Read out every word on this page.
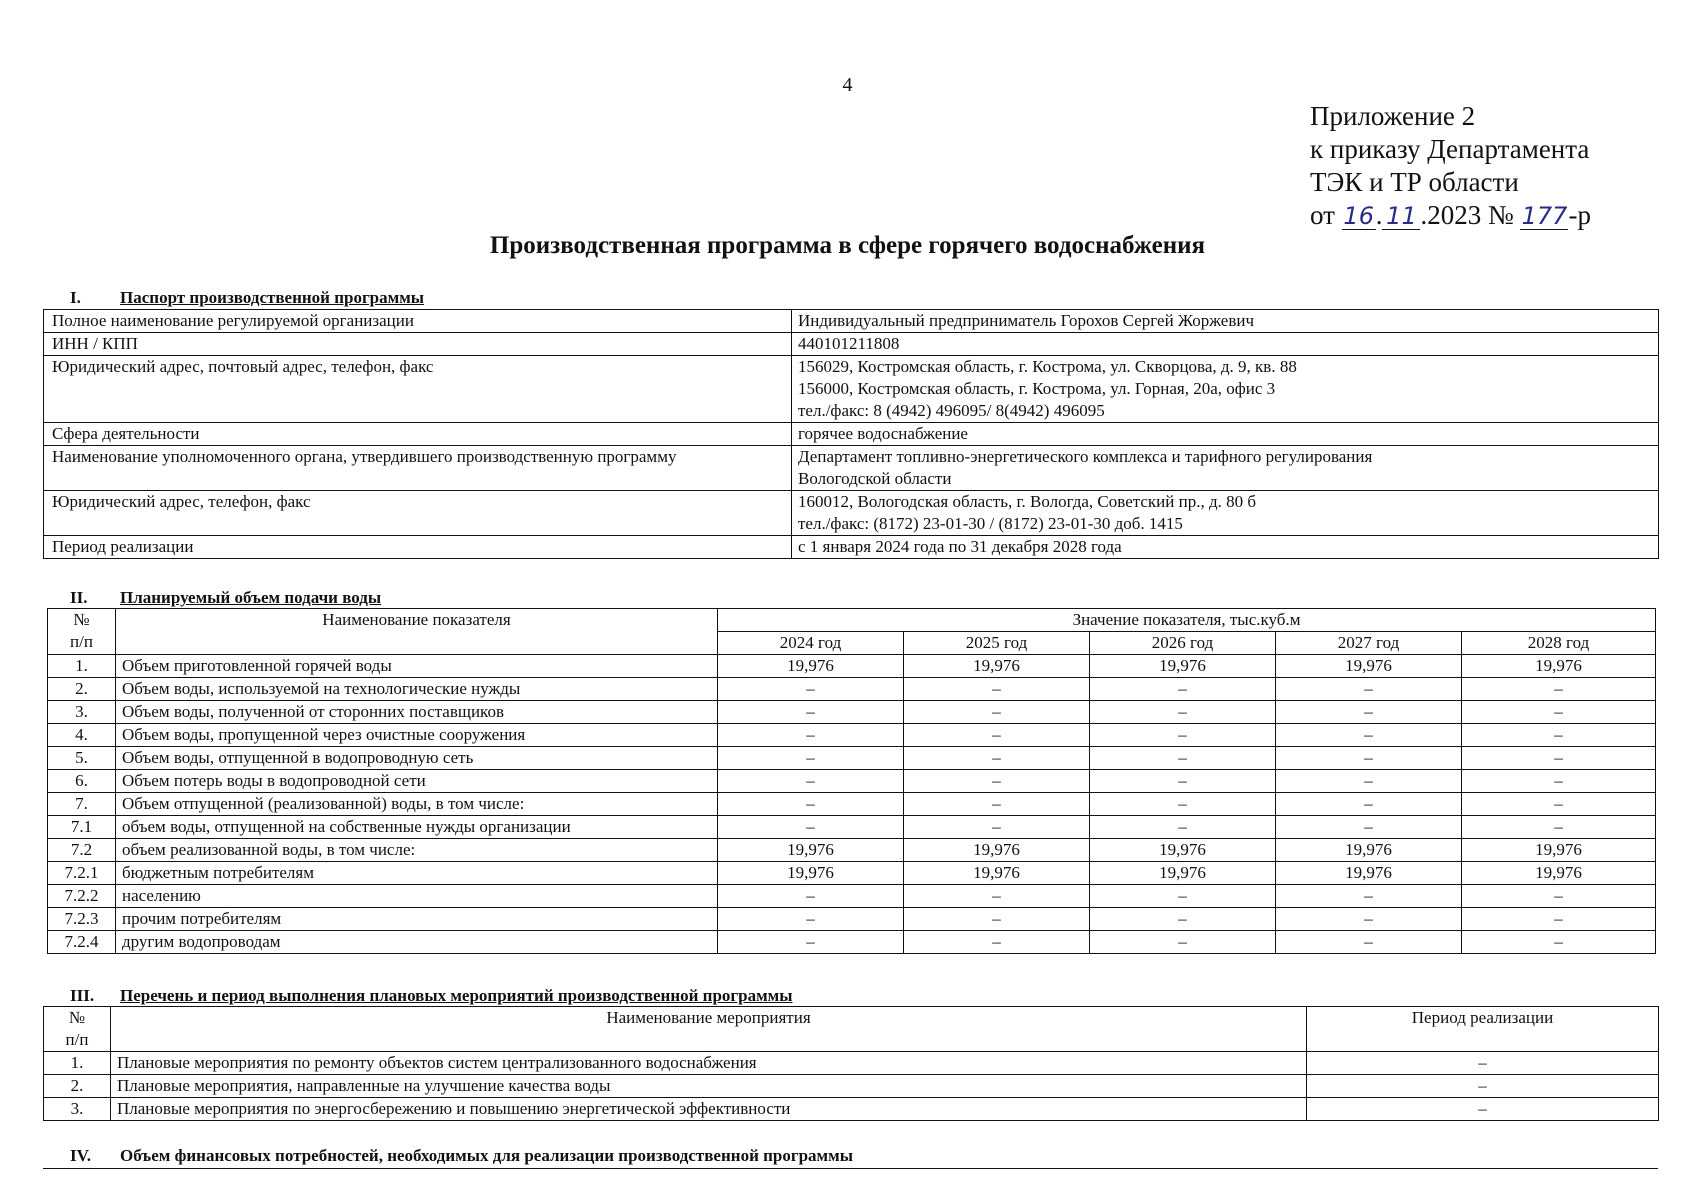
4
Приложение 2
к приказу Департамента
ТЭК и ТР области
от 16. 11 .2023 № 177-р
Производственная программа в сфере горячего водоснабжения
I. Паспорт производственной программы
Полное наименование регулируемой организации	Индивидуальный предприниматель Горохов Сергей Жоржевич

ИНН / КПП	440101211808

Юридический адрес, почтовый адрес, телефон, факс	156029, Костромская область, г. Кострома, ул. Скворцова, д. 9, кв. 88
156000, Костромская область, г. Кострома, ул. Горная, 20а, офис 3
тел./факс: 8 (4942) 496095/ 8(4942) 496095

Сфера деятельности	горячее водоснабжение

Наименование уполномоченного органа, утвердившего производственную программу	Департамент топливно-энергетического комплекса и тарифного регулирования
Вологодской области

Юридический адрес, телефон, факс	160012, Вологодская область, г. Вологда, Советский пр., д. 80 б
тел./факс: (8172) 23-01-30 / (8172) 23-01-30 доб. 1415

Период реализации	с 1 января 2024 года по 31 декабря 2028 года
II. Планируемый объем подачи воды
№
п/п	Наименование показателя	Значение показателя, тыс.куб.м				
		2024 год	2025 год	2026 год	2027 год	2028 год
1.	Объем приготовленной горячей воды	19,976	19,976	19,976	19,976	19,976
2.	Объем воды, используемой на технологические нужды	–	–	–	–	–
3.	Объем воды, полученной от сторонних поставщиков	–	–	–	–	–
4.	Объем воды, пропущенной через очистные сооружения	–	–	–	–	–
5.	Объем воды, отпущенной в водопроводную сеть	–	–	–	–	–
6.	Объем потерь воды в водопроводной сети	–	–	–	–	–
7.	Объем отпущенной (реализованной) воды, в том числе:	–	–	–	–	–
7.1	объем воды, отпущенной на собственные нужды организации	–	–	–	–	–
7.2	объем реализованной воды, в том числе:	19,976	19,976	19,976	19,976	19,976
7.2.1	бюджетным потребителям	19,976	19,976	19,976	19,976	19,976
7.2.2	населению	–	–	–	–	–
7.2.3	прочим потребителям	–	–	–	–	–
7.2.4	другим водопроводам	–	–	–	–	–
III. Перечень и период выполнения плановых мероприятий производственной программы
№
п/п	Наименование мероприятия	Период реализации
1.	Плановые мероприятия по ремонту объектов систем централизованного водоснабжения	–
2.	Плановые мероприятия, направленные на улучшение качества воды	–
3.	Плановые мероприятия по энергосбережению и повышению энергетической эффективности	–
IV. Объем финансовых потребностей, необходимых для реализации производственной программы
